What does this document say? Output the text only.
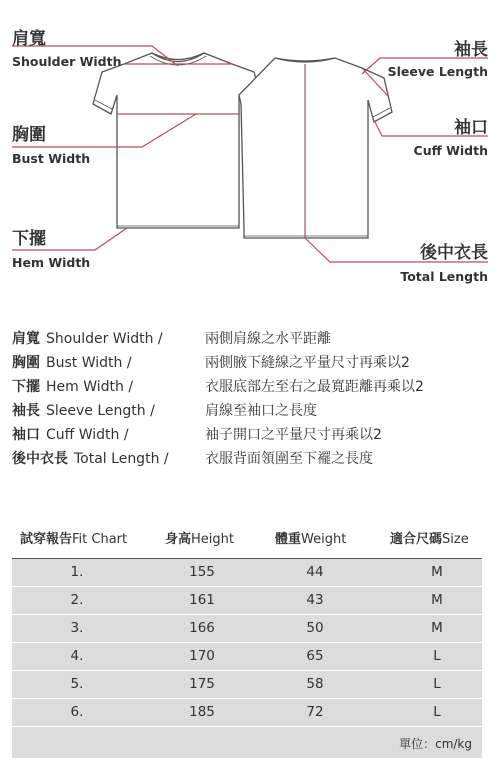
肩寬
Shoulder Width
胸圍
Bust Width
下擺
Hem Width
袖長
Sleeve Length
袖口
Cuff Width
後中衣長
Total Length
肩寬 Shoulder Width /	兩側肩線之水平距離
胸圍 Bust Width /	兩側腋下縫線之平量尺寸再乘以2
下擺 Hem Width /	衣服底部左至右之最寬距離再乘以2
袖長 Sleeve Length /	肩線至袖口之長度
袖口 Cuff Width /	袖子開口之平量尺寸再乘以2
後中衣長 Total Length /	衣服背面領圍至下襬之長度
試穿報告Fit Chart	身高Height	體重Weight	適合尺碼Size
1.	155	44	M
2.	161	43	M
3.	166	50	M
4.	170	65	L
5.	175	58	L
6.	185	72	L
單位：cm/kg
